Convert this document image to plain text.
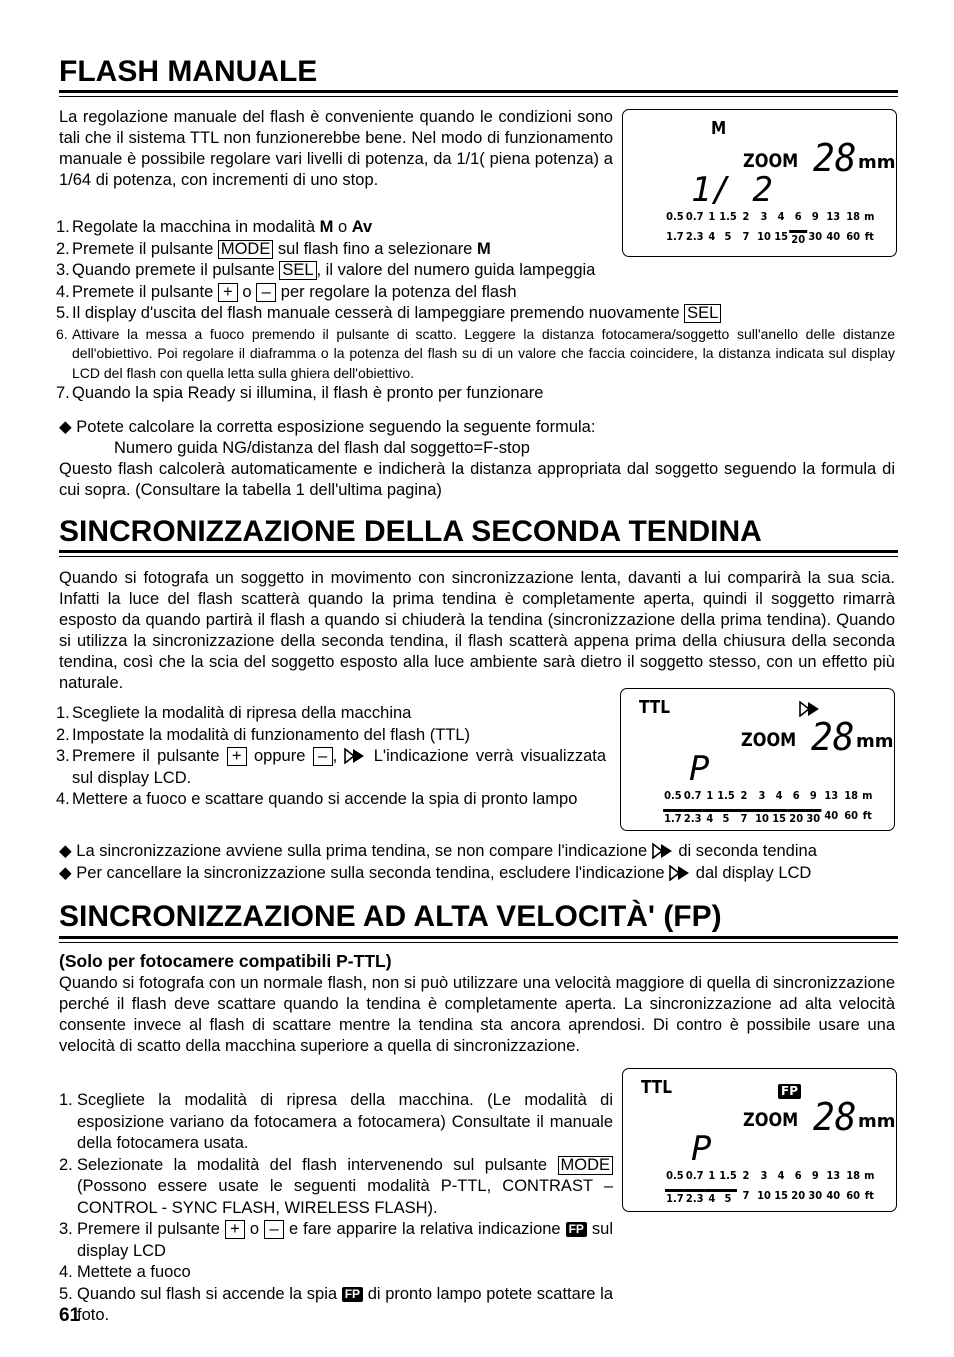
FLASH MANUALE

La regolazione manuale del flash è conveniente quando le condizioni sono tali che il sistema TTL non funzionerebbe bene. Nel modo di funzionamento manuale è possibile regolare vari livelli di potenza, da 1/1( piena potenza) a 1/64 di potenza, con incrementi di uno stop.

M
ZOOM 28 mm
1/ 2
0.5 0.7 1 1.5 2	3 4 6 9 13 18 m
1.7 2.3 4 5	7 10 15 20 30 40 60 ft
1. Regolate la macchina in modalità M o Av
2. Premete il pulsante MODE sul flash fino a selezionare M
3. Quando premete il pulsante SEL , il valore del numero guida lampeggia
4. Premete il pulsante + o – per regolare la potenza del flash
5. Il display d'uscita del flash manuale cesserà di lampeggiare premendo nuovamente SEL
6. Attivare la messa a fuoco premendo il pulsante di scatto. Leggere la distanza fotocamera/soggetto sull'anello delle distanze dell'obiettivo. Poi regolare il diaframma o la potenza del flash su di un valore che faccia coincidere, la distanza indicata sul display LCD del flash con quella letta sulla ghiera dell'obiettivo.
7. Quando la spia Ready si illumina, il flash è pronto per funzionare
◆ Potete calcolare la corretta esposizione seguendo la seguente formula:
Numero guida NG/distanza del flash dal soggetto=F-stop

Questo flash calcolerà automaticamente e indicherà la distanza appropriata dal soggetto seguendo la formula di cui sopra. (Consultare la tabella 1 dell'ultima pagina)

SINCRONIZZAZIONE DELLA SECONDA TENDINA

Quando si fotografa un soggetto in movimento con sincronizzazione lenta, davanti a lui comparirà la sua scia. Infatti la luce del flash scatterà quando la prima tendina è completamente aperta, quindi il soggetto rimarrà esposto da quando partirà il flash a quando si chiuderà la tendina (sincronizzazione della prima tendina). Quando si utilizza la sincronizzazione della seconda tendina, il flash scatterà appena prima della chiusura della seconda tendina, così che la scia del soggetto esposto alla luce ambiente sarà dietro il soggetto stesso, con un effetto più naturale.

TTL
ZOOM 28 mm
P
0.5 0.7 1 1.5 2	3 4 6 9 13 18 m
1.7 2.3 4 5	7 10 15 20 30 40 60 ft
1. Scegliete la modalità di ripresa della macchina
2. Impostate la modalità di funzionamento del flash (TTL)
3. Premere il pulsante + oppure – ,  L'indicazione verrà visualizzata sul display LCD.
4. Mettere a fuoco e scattare quando si accende la spia di pronto lampo
◆ La sincronizzazione avviene sulla prima tendina, se non compare l'indicazione  di seconda tendina
◆ Per cancellare la sincronizzazione sulla seconda tendina, escludere l'indicazione  dal display LCD
SINCRONIZZAZIONE AD ALTA VELOCITÀ' (FP)
(Solo per fotocamere compatibili P-TTL)

Quando si fotografa con un normale flash, non si può utilizzare una velocità maggiore di quella di sincronizzazione perché il flash deve scattare quando la tendina è completamente aperta. La sincronizzazione ad alta velocità consente invece al flash di scattare mentre la tendina sta ancora aprendosi. Di contro è possibile usare una velocità di scatto della macchina superiore a quella di sincronizzazione.

TTL	FP
ZOOM 28 mm
P
0.5 0.7 1 1.5 2	3 4 6 9 13 18 m
1.7 2.3 4 5	7 10 15 20 30 40 60 ft
1. Scegliete la modalità di ripresa della macchina. (Le modalità di esposizione variano da fotocamera a fotocamera) Consultate il manuale della fotocamera usata.
2. Selezionate la modalità del flash intervenendo sul pulsante MODE (Possono essere usate le seguenti modalità P-TTL, CONTRAST – CONTROL - SYNC FLASH, WIRELESS FLASH).
3. Premere il pulsante + o – e fare apparire la relativa indicazione FP sul display LCD
4. Mettete a fuoco
5. Quando sul flash si accende la spia FP di pronto lampo potete scattare la foto.
61
